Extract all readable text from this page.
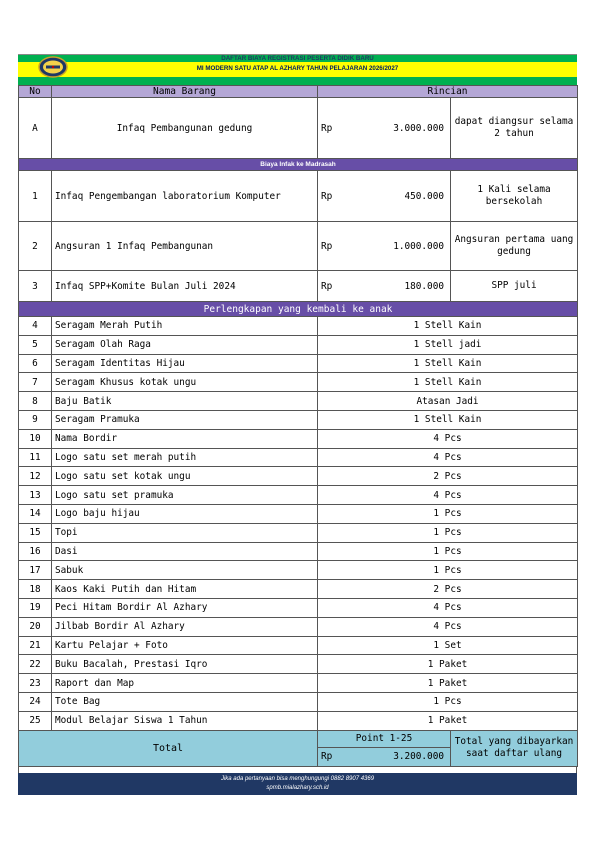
DAFTAR BIAYA REGISTRASI PESERTA DIDIK BARU
MI MODERN SATU ATAP AL AZHARY TAHUN PELAJARAN 2026/2027
No	Nama Barang	Rincian		
A	Infaq Pembangunan gedung	Rp	3.000.000	dapat diangsur selama 2 tahun
Biaya Infak ke Madrasah				
1	Infaq Pengembangan laboratorium Komputer	Rp	450.000	1 Kali selama bersekolah
2	Angsuran 1 Infaq Pembangunan	Rp	1.000.000	Angsuran pertama uang gedung
3	Infaq SPP+Komite Bulan Juli 2024	Rp	180.000	SPP juli
Perlengkapan yang kembali ke anak				
4	Seragam Merah Putih	1 Stell Kain		
5	Seragam Olah Raga	1 Stell jadi		
6	Seragam Identitas Hijau	1 Stell Kain		
7	Seragam Khusus kotak ungu	1 Stell Kain		
8	Baju Batik	Atasan Jadi		
9	Seragam Pramuka	1 Stell Kain		
10	Nama Bordir	4 Pcs		
11	Logo satu set merah putih	4 Pcs		
12	Logo satu set kotak ungu	2 Pcs		
13	Logo satu set pramuka	4 Pcs		
14	Logo baju hijau	1 Pcs		
15	Topi	1 Pcs		
16	Dasi	1 Pcs		
17	Sabuk	1 Pcs		
18	Kaos Kaki Putih dan Hitam	2 Pcs		
19	Peci Hitam Bordir Al Azhary	4 Pcs		
20	Jilbab Bordir Al Azhary	4 Pcs		
21	Kartu Pelajar + Foto	1 Set		
22	Buku Bacalah, Prestasi Iqro	1 Paket		
23	Raport dan Map	1 Paket		
24	Tote Bag	1 Pcs		
25	Modul Belajar Siswa 1 Tahun	1 Paket		
Total		Point 1-25		Total yang dibayarkan saat daftar ulang
		Rp	3.200.000	
Jika ada pertanyaan bisa menghungungi 0882 8907 4369
spmb.mialazhary.sch.id
